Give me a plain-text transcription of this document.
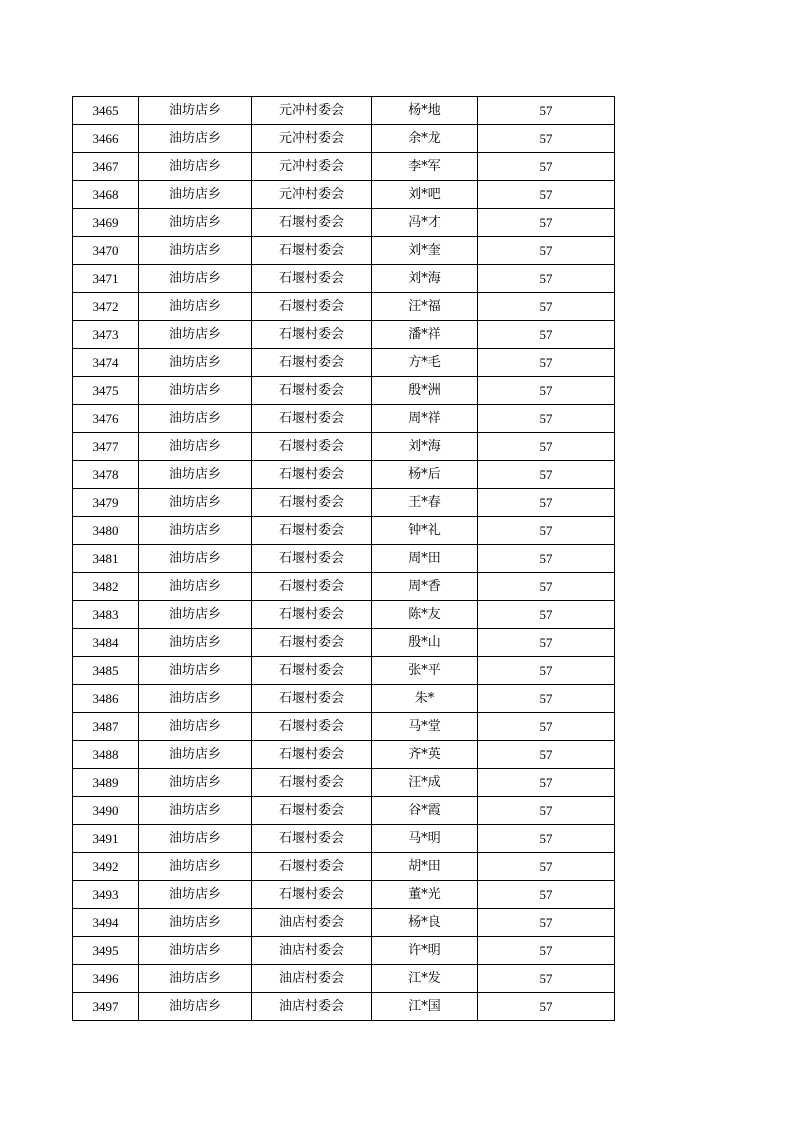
3465	油坊店乡	元冲村委会	杨*地	57
3466	油坊店乡	元冲村委会	余*龙	57
3467	油坊店乡	元冲村委会	李*军	57
3468	油坊店乡	元冲村委会	刘*吧	57
3469	油坊店乡	石堰村委会	冯*才	57
3470	油坊店乡	石堰村委会	刘*奎	57
3471	油坊店乡	石堰村委会	刘*海	57
3472	油坊店乡	石堰村委会	汪*福	57
3473	油坊店乡	石堰村委会	潘*祥	57
3474	油坊店乡	石堰村委会	方*毛	57
3475	油坊店乡	石堰村委会	殷*洲	57
3476	油坊店乡	石堰村委会	周*祥	57
3477	油坊店乡	石堰村委会	刘*海	57
3478	油坊店乡	石堰村委会	杨*后	57
3479	油坊店乡	石堰村委会	王*春	57
3480	油坊店乡	石堰村委会	钟*礼	57
3481	油坊店乡	石堰村委会	周*田	57
3482	油坊店乡	石堰村委会	周*香	57
3483	油坊店乡	石堰村委会	陈*友	57
3484	油坊店乡	石堰村委会	殷*山	57
3485	油坊店乡	石堰村委会	张*平	57
3486	油坊店乡	石堰村委会	朱*	57
3487	油坊店乡	石堰村委会	马*堂	57
3488	油坊店乡	石堰村委会	齐*英	57
3489	油坊店乡	石堰村委会	汪*成	57
3490	油坊店乡	石堰村委会	谷*霞	57
3491	油坊店乡	石堰村委会	马*明	57
3492	油坊店乡	石堰村委会	胡*田	57
3493	油坊店乡	石堰村委会	董*光	57
3494	油坊店乡	油店村委会	杨*良	57
3495	油坊店乡	油店村委会	许*明	57
3496	油坊店乡	油店村委会	江*发	57
3497	油坊店乡	油店村委会	江*国	57
